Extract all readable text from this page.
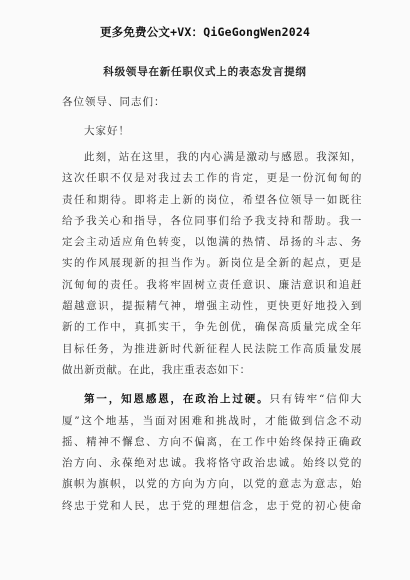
更多免费公文+VX：QiGeGongWen2024
科级领导在新任职仪式上的表态发言提纲
各位领导、同志们：
大家好！
此刻，站在这里，我的内心满是激动与感恩。我深知，
这次任职不仅是对我过去工作的肯定，更是一份沉甸甸的
责任和期待。即将走上新的岗位，希望各位领导一如既往
给予我关心和指导，各位同事们给予我支持和帮助。我一
定会主动适应角色转变，以饱满的热情、昂扬的斗志、务
实的作风展现新的担当作为。新岗位是全新的起点，更是
沉甸甸的责任。我将牢固树立责任意识、廉洁意识和追赶
超越意识，提振精气神，增强主动性，更快更好地投入到
新的工作中，真抓实干，争先创优，确保高质量完成全年
目标任务，为推进新时代新征程人民法院工作高质量发展
做出新贡献。在此，我庄重表态如下：
第一，知恩感恩，在政治上过硬。只有铸牢“信仰大
厦”这个地基，当面对困难和挑战时，才能做到信念不动
摇、精神不懈怠、方向不偏离，在工作中始终保持正确政
治方向、永葆绝对忠诚。我将恪守政治忠诚。始终以党的
旗帜为旗帜，以党的方向为方向，以党的意志为意志，始
终忠于党和人民，忠于党的理想信念，忠于党的初心使命
